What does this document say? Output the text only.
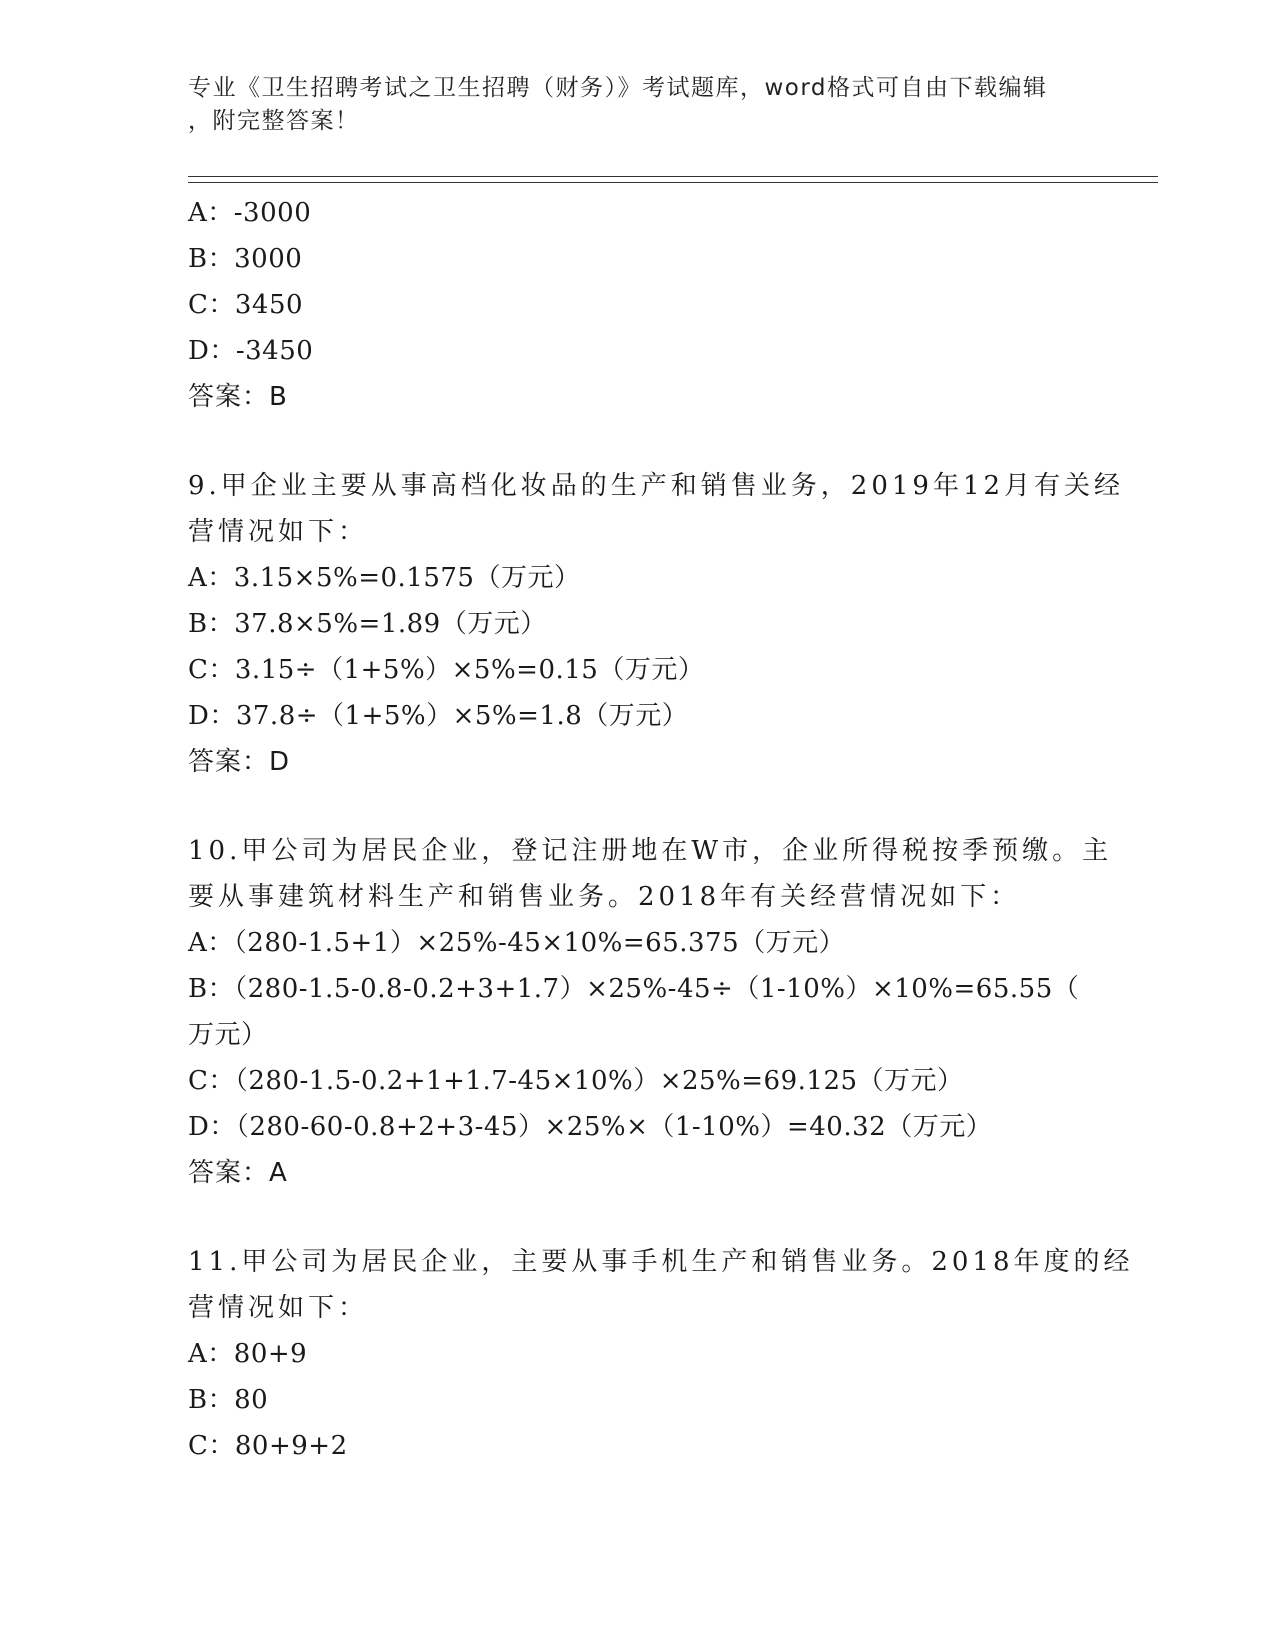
专业《卫生招聘考试之卫生招聘（财务）》考试题库，word格式可自由下载编辑
，附完整答案！
A：-3000
B：3000
C：3450
D：-3450
答案：B
9.甲企业主要从事高档化妆品的生产和销售业务，2019年12月有关经
营情况如下：
A：3.15×5%=0.1575（万元）
B：37.8×5%=1.89（万元）
C：3.15÷（1+5%）×5%=0.15（万元）
D：37.8÷（1+5%）×5%=1.8（万元）
答案：D
10.甲公司为居民企业，登记注册地在W市，企业所得税按季预缴。主
要从事建筑材料生产和销售业务。2018年有关经营情况如下：
A：（280-1.5+1）×25%-45×10%=65.375（万元）
B：（280-1.5-0.8-0.2+3+1.7）×25%-45÷（1-10%）×10%=65.55（
万元）
C：（280-1.5-0.2+1+1.7-45×10%）×25%=69.125（万元）
D：（280-60-0.8+2+3-45）×25%×（1-10%）=40.32（万元）
答案：A
11.甲公司为居民企业，主要从事手机生产和销售业务。2018年度的经
营情况如下：
A：80+9
B：80
C：80+9+2
